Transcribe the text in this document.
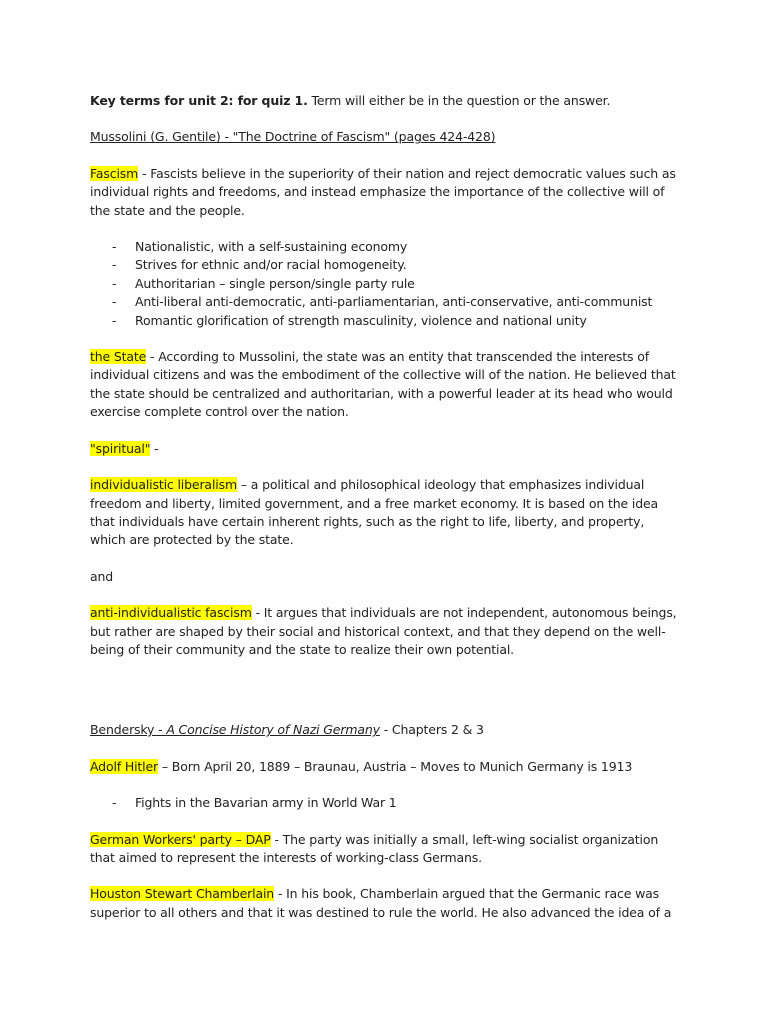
Key terms for unit 2: for quiz 1. Term will either be in the question or the answer.

Mussolini (G. Gentile) - "The Doctrine of Fascism" (pages 424-428)

Fascism - Fascists believe in the superiority of their nation and reject democratic values such as individual rights and freedoms, and instead emphasize the importance of the collective will of the state and the people.

- Nationalistic, with a self-sustaining economy
- Strives for ethnic and/or racial homogeneity.
- Authoritarian – single person/single party rule
- Anti-liberal anti-democratic, anti-parliamentarian, anti-conservative, anti-communist
- Romantic glorification of strength masculinity, violence and national unity

the State - According to Mussolini, the state was an entity that transcended the interests of individual citizens and was the embodiment of the collective will of the nation. He believed that the state should be centralized and authoritarian, with a powerful leader at its head who would exercise complete control over the nation.

"spiritual" -

individualistic liberalism – a political and philosophical ideology that emphasizes individual freedom and liberty, limited government, and a free market economy. It is based on the idea that individuals have certain inherent rights, such as the right to life, liberty, and property, which are protected by the state.

and

anti-individualistic fascism - It argues that individuals are not independent, autonomous beings, but rather are shaped by their social and historical context, and that they depend on the well-being of their community and the state to realize their own potential.

Bendersky - A Concise History of Nazi Germany - Chapters 2 & 3

Adolf Hitler – Born April 20, 1889 – Braunau, Austria – Moves to Munich Germany is 1913

- Fights in the Bavarian army in World War 1

German Workers' party – DAP - The party was initially a small, left-wing socialist organization that aimed to represent the interests of working-class Germans.

Houston Stewart Chamberlain - In his book, Chamberlain argued that the Germanic race was superior to all others and that it was destined to rule the world. He also advanced the idea of a
